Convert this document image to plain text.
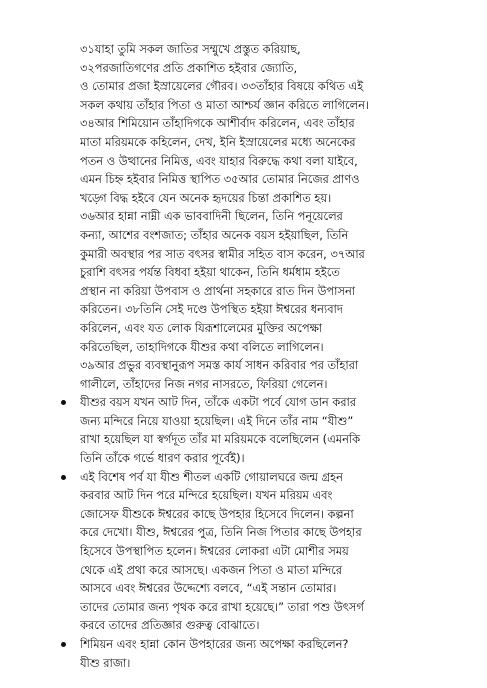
৩১যাহা তুমি সকল জাতির সম্মুখে প্রস্তুত করিয়াছ,
৩২পরজাতিগণের প্রতি প্রকাশিত হইবার জ্যোতি,
ও তোমার প্রজা ইস্রায়েলের গৌরব। ৩৩তাঁহার বিষয়ে কথিত এই
সকল কথায় তাঁহার পিতা ও মাতা আশ্চর্য জ্ঞান করিতে লাগিলেন।
৩৪আর শিমিয়োন তাঁহাদিগকে আশীর্বাদ করিলেন, এবং তাঁহার
মাতা মরিয়মকে কহিলেন, দেখ, ইনি ইস্রায়েলের মধ্যে অনেকের
পতন ও উত্থানের নিমিত্ত, এবং যাহার বিরুদ্ধে কথা বলা যাইবে,
এমন চিহ্ন হইবার নিমিত্ত স্থাপিত ৩৫আর তোমার নিজের প্রাণও
খড়্গে বিদ্ধ হইবে যেন অনেক হৃদয়ের চিন্তা প্রকাশিত হয়।
৩৬আর হান্না নাম্নী এক ভাববাদিনী ছিলেন, তিনি পনূয়েলের
কন্যা, আশের বংশজাত; তাঁহার অনেক বয়স হইয়াছিল, তিনি
কুমারী অবস্থার পর সাত বৎসর স্বামীর সহিত বাস করেন, ৩৭আর
চুরাশি বৎসর পর্যন্ত বিধবা হইয়া থাকেন, তিনি ধর্মধাম হইতে
প্রস্থান না করিয়া উপবাস ও প্রার্থনা সহকারে রাত দিন উপাসনা
করিতেন। ৩৮তিনি সেই দণ্ডে উপস্থিত হইয়া ঈশ্বরের ধন্যবাদ
করিলেন, এবং যত লোক যিরূশালেমের মুক্তির অপেক্ষা
করিতেছিল, তাহাদিগকে যীশুর কথা বলিতে লাগিলেন।
৩৯আর প্রভুর ব্যবস্থানুরূপ সমস্ত কার্য সাধন করিবার পর তাঁহারা
গালীলে, তাঁহাদের নিজ নগর নাসরতে, ফিরিয়া গেলেন।
যীশুর বয়স যখন আট দিন, তাঁকে একটা পর্বে যোগ ডান করার
জন্য মন্দিরে নিয়ে যাওয়া হয়েছিল। এই দিনে তাঁর নাম “যীশু”
রাখা হয়েছিল যা স্বর্গদূত তাঁর মা মরিয়মকে বলেছিলেন (এমনকি
তিনি তাঁকে গর্ভে ধারণ করার পূর্বেই)।
এই বিশেষ পর্ব যা যীশু শীতল একটি গোয়ালঘরে জন্ম গ্রহন
করবার আট দিন পরে মন্দিরে হয়েছিল। যখন মরিয়ম এবং
জোসেফ যীশুকে ঈশ্বরের কাছে উপহার হিসেবে দিলেন। কল্পনা
করে দেখো। যীশু, ঈশ্বরের পুত্র, তিনি নিজ পিতার কাছে উপহার
হিসেবে উপস্থাপিত হলেন। ঈশ্বরের লোকরা এটা মোশীর সময়
থেকে এই প্রথা করে আসছে। একজন পিতা ও মাতা মন্দিরে
আসবে এবং ঈশ্বরের উদ্দেশ্যে বলবে, “এই সন্তান তোমার।
তাদের তোমার জন্য পৃথক করে রাখা হয়েছে।” তারা পশু উৎসর্গ
করবে তাদের প্রতিজ্ঞার গুরুত্ব বোঝাতে।
শিমিয়ন এবং হান্না কোন উপহারের জন্য অপেক্ষা করছিলেন?
যীশু রাজা।
